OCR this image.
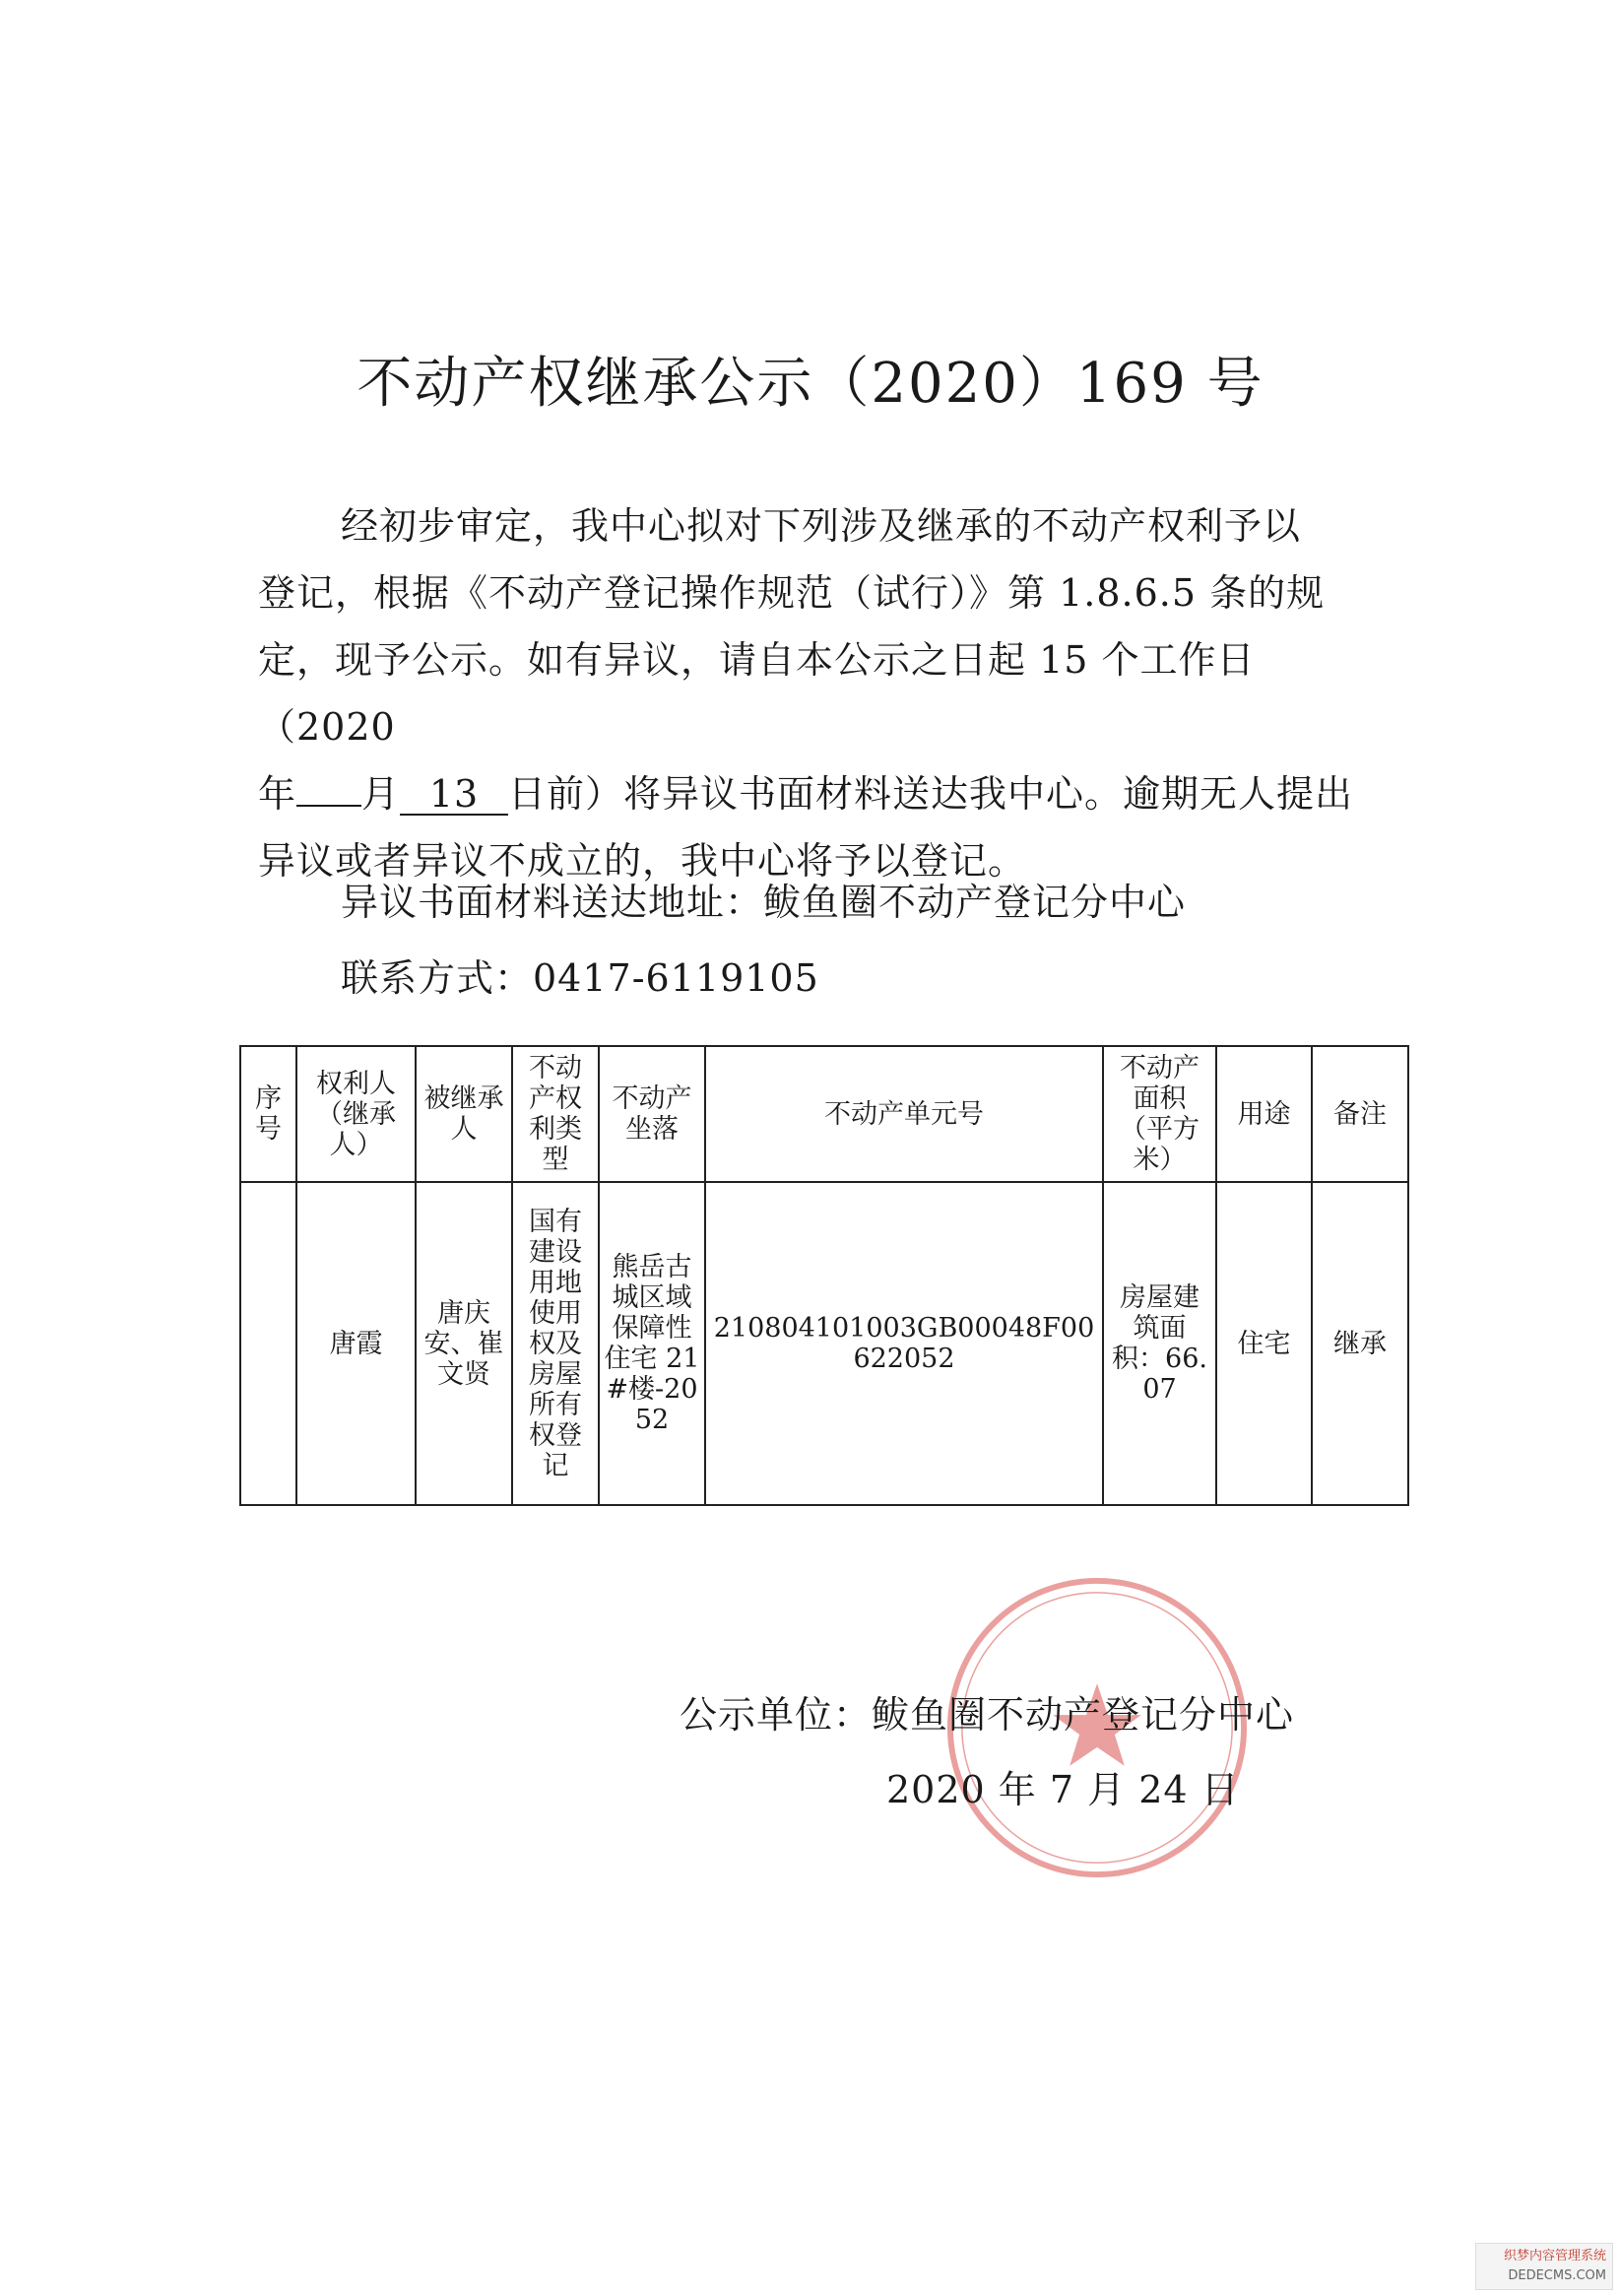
不动产权继承公示（2020）169 号

经初步审定，我中心拟对下列涉及继承的不动产权利予以

登记，根据《不动产登记操作规范（试行）》第 1.8.6.5 条的规

定，现予公示。如有异议，请自本公示之日起 15 个工作日（2020

年 月 13 日前）将异议书面材料送达我中心。逾期无人提出

异议或者异议不成立的，我中心将予以登记。

异议书面材料送达地址：鲅鱼圈不动产登记分中心
联系方式：0417-6119105
序号	权利人（继承人）	被继承人	不动产权利类型	不动产坐落	不动产单元号	不动产面积（平方米）	用途	备注
	唐霞	唐庆安、崔文贤	国有建设用地使用权及房屋所有权登记	熊岳古城区域保障性住宅 21#楼-2052	210804101003GB00048F00622052	房屋建筑面积：66.07	住宅	继承
公示单位：鲅鱼圈不动产登记分中心
2020 年 7 月 24 日
织梦内容管理系统
DEDECMS.COM
